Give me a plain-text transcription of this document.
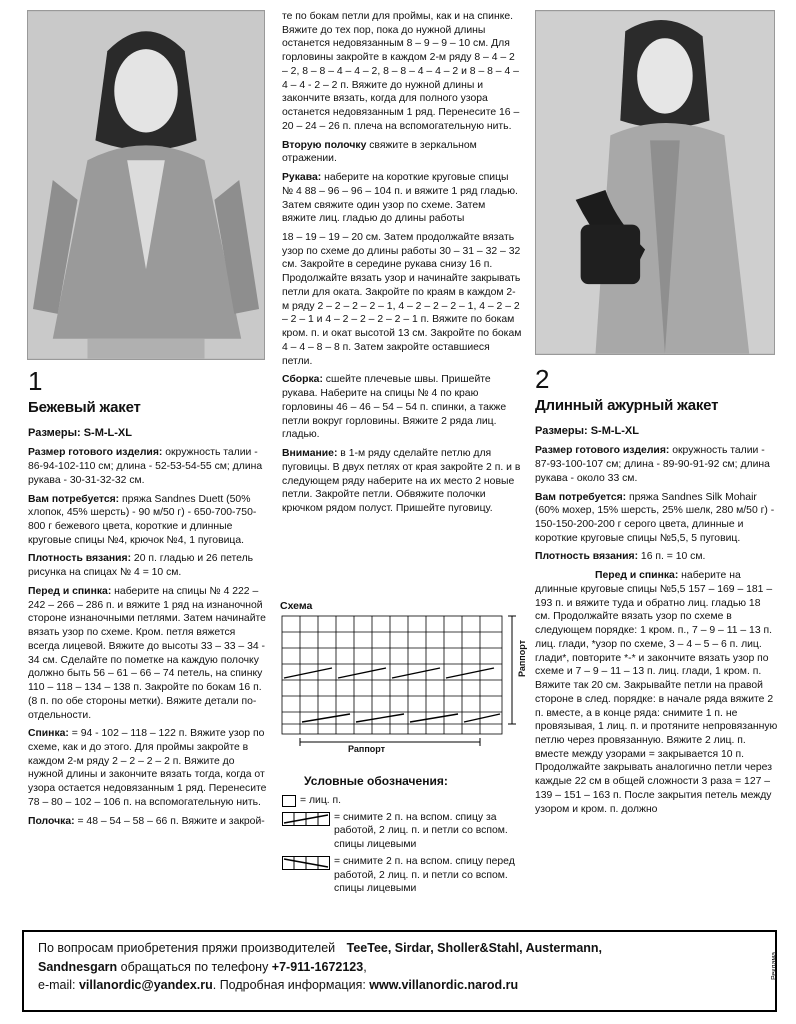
1
Бежевый жакет
Размеры: S-M-L-XL

Размер готового изделия: окружность талии - 86-94-102-110 см; длина - 52-53-54-55 см; длина рукава - 30-31-32-32 см.

Вам потребуется: пряжа Sandnes Duett (50% хлопок, 45% шерсть) - 90 м/50 г) - 650-700-750-800 г бежевого цвета, короткие и длинные круговые спицы №4, крючок №4, 1 пуговица.

Плотность вязания: 20 п. гладью и 26 петель рисунка на спицах № 4 = 10 см.

Перед и спинка: наберите на спицы № 4 222 – 242 – 266 – 286 п. и вяжите 1 ряд на изнаночной стороне изнаночными петлями. Затем начинайте вязать узор по схеме. Кром. петля вяжется всегда лицевой. Вяжите до высоты 33 – 33 – 34 - 34 см. Сделайте по пометке на каждую полочку должно быть 56 – 61 – 66 – 74 петель, на спинку 110 – 118 – 134 – 138 п. Закройте по бокам 16 п. (8 п. по обе стороны метки). Вяжите детали по-отдельности.

Спинка: = 94 - 102 – 118 – 122 п. Вяжите узор по схеме, как и до этого. Для проймы закройте в каждом 2-м ряду 2 – 2 – 2 – 2 п. Вяжите до нужной длины и закончите вязать тогда, когда от узора остается недовязанным 1 ряд. Перенесите 78 – 80 – 102 – 106 п. на вспомогательную нить.

Полочка: = 48 – 54 – 58 – 66 п. Вяжите и закрой-

те по бокам петли для проймы, как и на спинке. Вяжите до тех пор, пока до нужной длины останется недовязанным 8 – 9 – 9 – 10 см. Для горловины закройте в каждом 2-м ряду 8 – 4 – 2 – 2, 8 – 8 – 4 – 4 – 2, 8 – 8 – 4 – 4 – 2 и 8 – 8 – 4 – 4 – 4 - 2 – 2 п. Вяжите до нужной длины и закончите вязать, когда для полного узора останется недовязанным 1 ряд. Перенесите 16 – 20 – 24 – 26 п. плеча на вспомогательную нить.

Вторую полочку свяжите в зеркальном отражении.

Рукава: наберите на короткие круговые спицы № 4 88 – 96 – 96 – 104 п. и вяжите 1 ряд гладью. Затем свяжите один узор по схеме. Затем вяжите лиц. гладью до длины работы

18 – 19 – 19 – 20 см. Затем продолжайте вязать узор по схеме до длины работы 30 – 31 – 32 – 32 см. Закройте в середине рукава снизу 16 п. Продолжайте вязать узор и начинайте закрывать петли для оката. Закройте по краям в каждом 2-м ряду 2 – 2 – 2 – 2 – 1, 4 – 2 – 2 – 2 – 1, 4 – 2 – 2 – 2 – 1 и 4 – 2 – 2 – 2 – 2 – 1 п. Вяжите по бокам кром. п. и окат высотой 13 см. Закройте по бокам 4 – 4 – 8 – 8 п. Затем закройте оставшиеся петли.

Сборка: сшейте плечевые швы. Пришейте рукава. Наберите на спицы № 4 по краю горловины 46 – 46 – 54 – 54 п. спинки, а также петли вокруг горловины. Вяжите 2 ряда лиц. гладью.

Внимание: в 1-м ряду сделайте петлю для пуговицы. В двух петлях от края закройте 2 п. и в следующем ряду наберите на их место 2 новые петли. Закройте петли. Обвяжите полочки крючком рядом полуст. Пришейте пуговицу.

Схема
Раппорт
Раппорт
Условные обозначения:
= лиц. п.
= снимите 2 п. на вспом. спицу за работой, 2 лиц. п. и петли со вспом. спицы лицевыми
= снимите 2 п. на вспом. спицу перед работой, 2 лиц. п. и петли со вспом. спицы лицевыми
2
Длинный ажурный жакет
Размеры: S-M-L-XL

Размер готового изделия: окружность талии - 87-93-100-107 см; длина - 89-90-91-92 см; длина рукава - около 33 см.

Вам потребуется: пряжа Sandnes Silk Mohair (60% мохер, 15% шерсть, 25% шелк, 280 м/50 г) - 150-150-200-200 г серого цвета, длинные и короткие круговые спицы №5,5, 5 пуговиц.

Плотность вязания: 16 п. = 10 см.

Перед и спинка: наберите на длинные круговые спицы №5,5 157 – 169 – 181 – 193 п. и вяжите туда и обратно лиц. гладью 18 см. Продолжайте вязать узор по схеме в следующем порядке: 1 кром. п., 7 – 9 – 11 – 13 п. лиц. глади, *узор по схеме, 3 – 4 – 5 – 6 п. лиц. глади*, повторите *-* и закончите вязать узор по схеме и 7 – 9 – 11 – 13 п. лиц. глади, 1 кром. п. Вяжите так 20 см. Закрывайте петли на правой стороне в след. порядке: в начале ряда вяжите 2 п. вместе, а в конце ряда: снимите 1 п. не провязывая, 1 лиц. п. и протяните непровязанную петлю через провязанную. Вяжите 2 лиц. п. вместе между узорами = закрывается 10 п. Продолжайте закрывать аналогично петли через каждые 22 см в общей сложности 3 раза = 127 – 139 – 151 – 163 п. После закрытия петель между узором и кром. п. должно

По вопросам приобретения пряжи производителей TeeTee, Sirdar, Sholler&Stahl, Austermann,
Sandnesgarn обращаться по телефону +7-911-1672123,
e-mail: villanordic@yandex.ru. Подробная информация: www.villanordic.narod.ru
Реклама.
